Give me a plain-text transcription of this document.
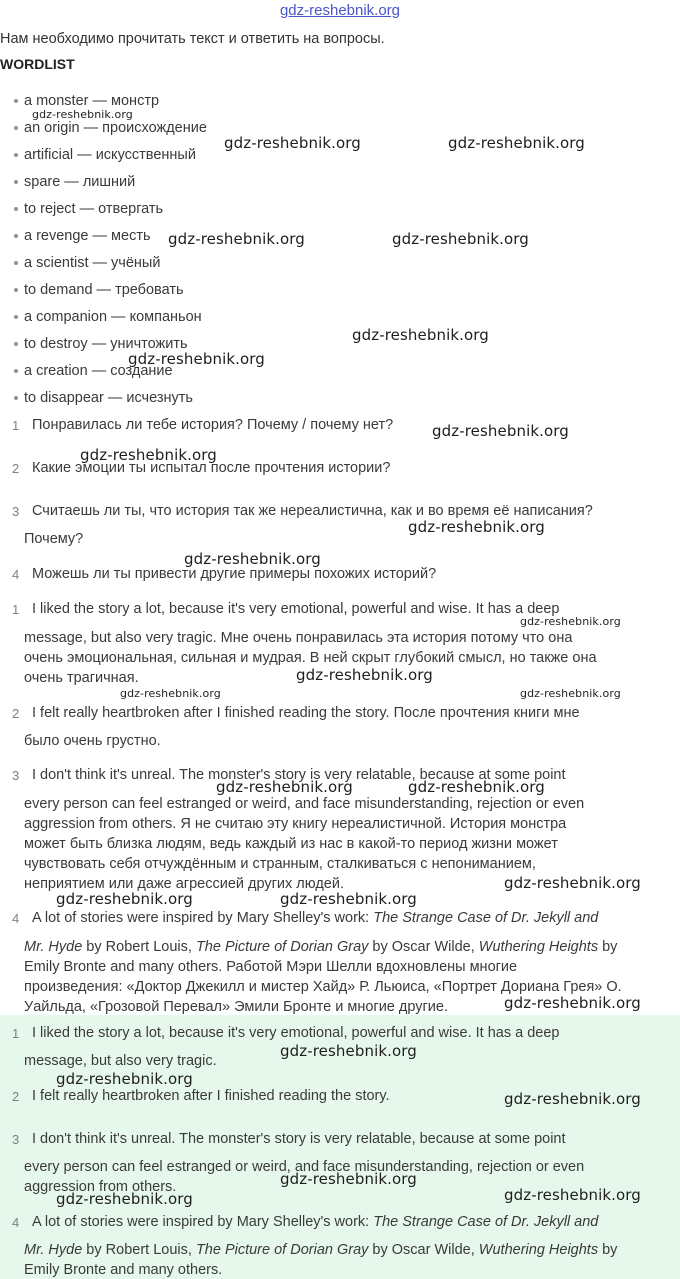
gdz-reshebnik.org
Нам необходимо прочитать текст и ответить на вопросы.
WORDLIST
a monster — монстр
an origin — происхождение
artificial — искусственный
spare — лишний
to reject — отвергать
a revenge — месть
a scientist — учёный
to demand — требовать
a companion — компаньон
to destroy — уничтожить
a creation — создание
to disappear — исчезнуть
1 Понравилась ли тебе история? Почему / почему нет?
2 Какие эмоции ты испытал после прочтения истории?
3 Считаешь ли ты, что история так же нереалистична, как и во время её написания?
Почему?
4 Можешь ли ты привести другие примеры похожих историй?
1 I liked the story a lot, because it's very emotional, powerful and wise. It has a deep
message, but also very tragic. Мне очень понравилась эта история потому что она
очень эмоциональная, сильная и мудрая. В ней скрыт глубокий смысл, но также она
очень трагичная.
2 I felt really heartbroken after I finished reading the story. После прочтения книги мне
было очень грустно.
3 I don't think it's unreal. The monster's story is very relatable, because at some point
every person can feel estranged or weird, and face misunderstanding, rejection or even
aggression from others. Я не считаю эту книгу нереалистичной. История монстра
может быть близка людям, ведь каждый из нас в какой-то период жизни может
чувствовать себя отчуждённым и странным, сталкиваться с непониманием,
неприятием или даже агрессией других людей.
4 A lot of stories were inspired by Mary Shelley's work: The Strange Case of Dr. Jekyll and
Mr. Hyde by Robert Louis, The Picture of Dorian Gray by Oscar Wilde, Wuthering Heights by
Emily Bronte and many others. Работой Мэри Шелли вдохновлены многие
произведения: «Доктор Джекилл и мистер Хайд» Р. Льюиса, «Портрет Дориана Грея» О.
Уайльда, «Грозовой Перевал» Эмили Бронте и многие другие.
1 I liked the story a lot, because it's very emotional, powerful and wise. It has a deep
message, but also very tragic.
2 I felt really heartbroken after I finished reading the story.
3 I don't think it's unreal. The monster's story is very relatable, because at some point
every person can feel estranged or weird, and face misunderstanding, rejection or even
aggression from others.
4 A lot of stories were inspired by Mary Shelley's work: The Strange Case of Dr. Jekyll and
Mr. Hyde by Robert Louis, The Picture of Dorian Gray by Oscar Wilde, Wuthering Heights by
Emily Bronte and many others.
gdz-reshebnik.org
gdz-reshebnik.org	gdz-reshebnik.org
gdz-reshebnik.org	gdz-reshebnik.org
gdz-reshebnik.org
gdz-reshebnik.org
gdz-reshebnik.org
gdz-reshebnik.org
gdz-reshebnik.org
gdz-reshebnik.org
gdz-reshebnik.org
gdz-reshebnik.org
gdz-reshebnik.org	gdz-reshebnik.org
gdz-reshebnik.org	gdz-reshebnik.org
gdz-reshebnik.org
gdz-reshebnik.org	gdz-reshebnik.org
gdz-reshebnik.org
gdz-reshebnik.org
gdz-reshebnik.org
gdz-reshebnik.org
gdz-reshebnik.org
gdz-reshebnik.org
gdz-reshebnik.org
